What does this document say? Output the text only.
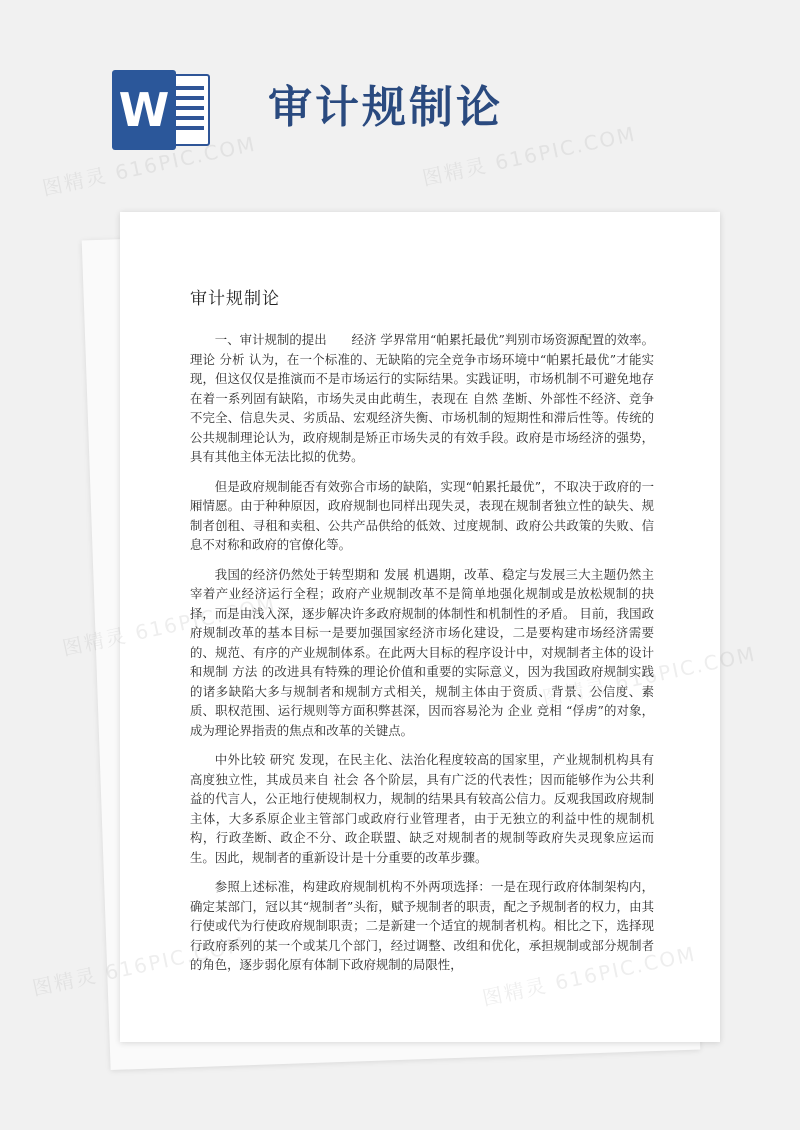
W 审计规制论
审计规制论

一、审计规制的提出　　经济 学界常用“帕累托最优”判别市场资源配置的效率。 理论 分析 认为，在一个标准的、无缺陷的完全竞争市场环境中“帕累托最优”才能实现，但这仅仅是推演而不是市场运行的实际结果。实践证明，市场机制不可避免地存在着一系列固有缺陷，市场失灵由此萌生，表现在 自然 垄断、外部性不经济、竞争不完全、信息失灵、劣质品、宏观经济失衡、市场机制的短期性和滞后性等。传统的公共规制理论认为，政府规制是矫正市场失灵的有效手段。政府是市场经济的强势，具有其他主体无法比拟的优势。

但是政府规制能否有效弥合市场的缺陷，实现“帕累托最优”，不取决于政府的一厢情愿。由于种种原因，政府规制也同样出现失灵，表现在规制者独立性的缺失、规制者创租、寻租和卖租、公共产品供给的低效、过度规制、政府公共政策的失败、信息不对称和政府的官僚化等。

我国的经济仍然处于转型期和 发展 机遇期，改革、稳定与发展三大主题仍然主宰着产业经济运行全程；政府产业规制改革不是简单地强化规制或是放松规制的抉择，而是由浅入深，逐步解决许多政府规制的体制性和机制性的矛盾。 目前，我国政府规制改革的基本目标一是要加强国家经济市场化建设，二是要构建市场经济需要的、规范、有序的产业规制体系。在此两大目标的程序设计中，对规制者主体的设计和规制 方法 的改进具有特殊的理论价值和重要的实际意义，因为我国政府规制实践的诸多缺陷大多与规制者和规制方式相关，规制主体由于资质、背景、公信度、素质、职权范围、运行规则等方面积弊甚深，因而容易沦为 企业 竞相 “俘虏”的对象，成为理论界指责的焦点和改革的关键点。

中外比较 研究 发现，在民主化、法治化程度较高的国家里，产业规制机构具有高度独立性，其成员来自 社会 各个阶层，具有广泛的代表性；因而能够作为公共利益的代言人，公正地行使规制权力，规制的结果具有较高公信力。反观我国政府规制主体，大多系原企业主管部门或政府行业管理者，由于无独立的利益中性的规制机构，行政垄断、政企不分、政企联盟、缺乏对规制者的规制等政府失灵现象应运而生。因此，规制者的重新设计是十分重要的改革步骤。

参照上述标准，构建政府规制机构不外两项选择：一是在现行政府体制架构内，确定某部门，冠以其“规制者”头衔，赋予规制者的职责，配之予规制者的权力，由其行使或代为行使政府规制职责；二是新建一个适宜的规制者机构。相比之下，选择现行政府系列的某一个或某几个部门，经过调整、改组和优化，承担规制或部分规制者的角色，逐步弱化原有体制下政府规制的局限性，

图精灵 616PIC.COM	图精灵 616PIC.COM
图精灵
